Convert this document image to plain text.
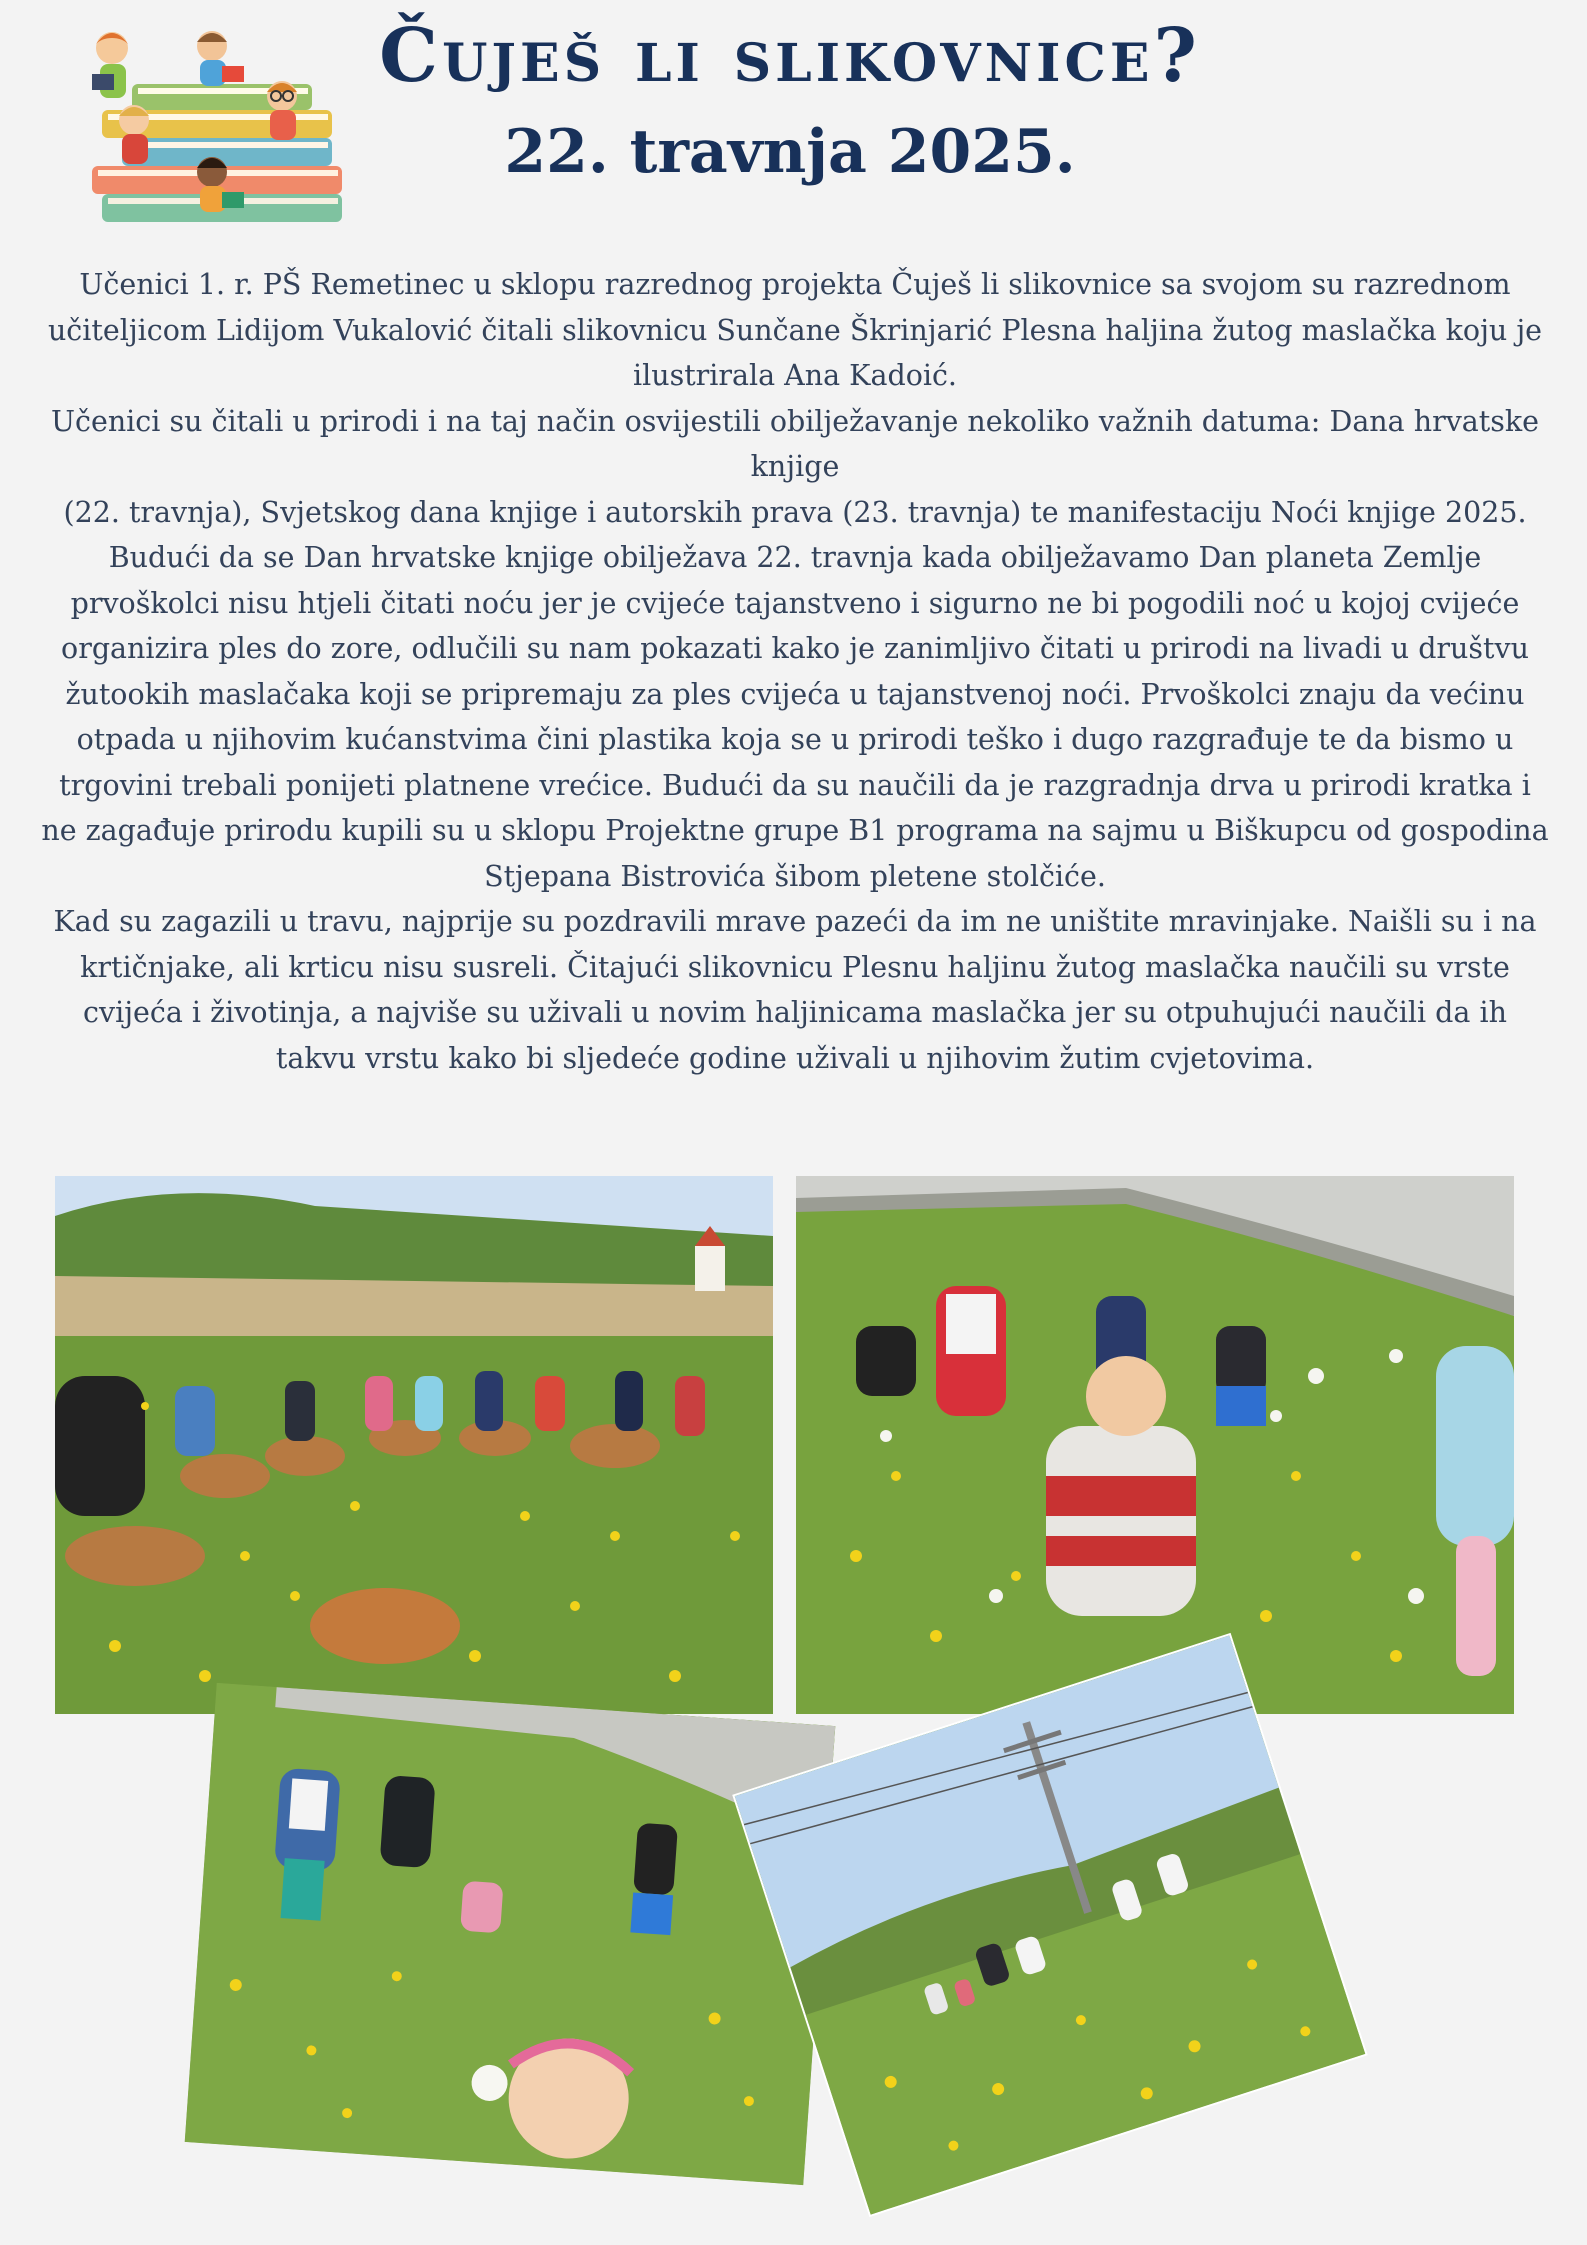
Čuješ li slikovnice?
22. travnja 2025.

Učenici 1. r. PŠ Remetinec u sklopu razrednog projekta Čuješ li slikovnice sa svojom su razrednom učiteljicom Lidijom Vukalović čitali slikovnicu Sunčane Škrinjarić Plesna haljina žutog maslačka koju je ilustrirala Ana Kadoić.

Učenici su čitali u prirodi i na taj način osvijestili obilježavanje nekoliko važnih datuma: Dana hrvatske knjige

(22. travnja), Svjetskog dana knjige i autorskih prava (23. travnja) te manifestaciju Noći knjige 2025.

Budući da se Dan hrvatske knjige obilježava 22. travnja kada obilježavamo Dan planeta Zemlje prvoškolci nisu htjeli čitati noću jer je cvijeće tajanstveno i sigurno ne bi pogodili noć u kojoj cvijeće organizira ples do zore, odlučili su nam pokazati kako je zanimljivo čitati u prirodi na livadi u društvu žutookih maslačaka koji se pripremaju za ples cvijeća u tajanstvenoj noći. Prvoškolci znaju da većinu otpada u njihovim kućanstvima čini plastika koja se u prirodi teško i dugo razgrađuje te da bismo u trgovini trebali ponijeti platnene vrećice. Budući da su naučili da je razgradnja drva u prirodi kratka i ne zagađuje prirodu kupili su u sklopu Projektne grupe B1 programa na sajmu u Biškupcu od gospodina Stjepana Bistrovića šibom pletene stolčiće.

Kad su zagazili u travu, najprije su pozdravili mrave pazeći da im ne uništite mravinjake. Naišli su i na krtičnjake, ali krticu nisu susreli. Čitajući slikovnicu Plesnu haljinu žutog maslačka naučili su vrste cvijeća i životinja, a najviše su uživali u novim haljinicama maslačka jer su otpuhujući naučili da ih takvu vrstu kako bi sljedeće godine uživali u njihovim žutim cvjetovima.
